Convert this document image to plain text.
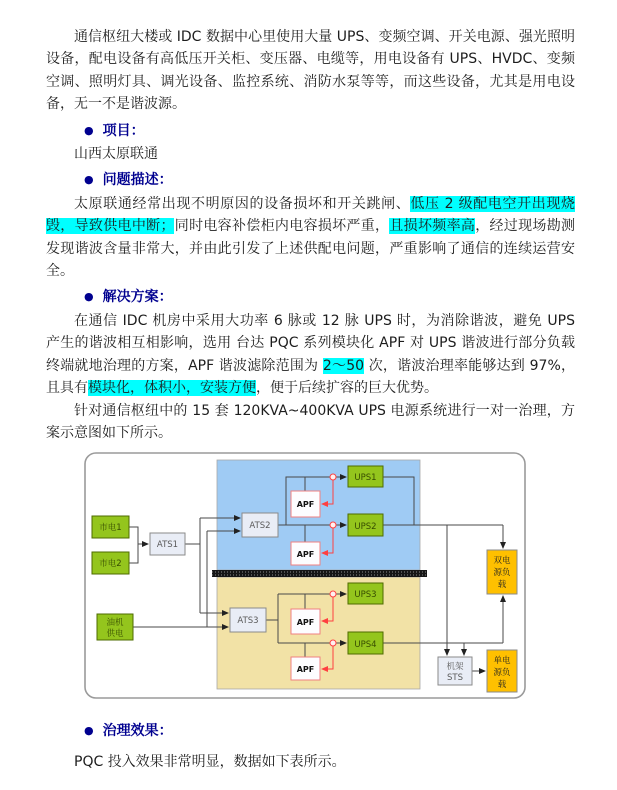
通信枢纽大楼或 IDC 数据中心里使用大量 UPS、变频空调、开关电源、强光照明设备，配电设备有高低压开关柜、变压器、电缆等，用电设备有 UPS、HVDC、变频空调、照明灯具、调光设备、监控系统、消防水泵等等，而这些设备，尤其是用电设备，无一不是谐波源。

● 项目：

山西太原联通

● 问题描述：

太原联通经常出现不明原因的设备损坏和开关跳闸、低压 2 级配电空开出现烧毁，导致供电中断；同时电容补偿柜内电容损坏严重，且损坏频率高，经过现场勘测发现谐波含量非常大，并由此引发了上述供配电问题，严重影响了通信的连续运营安全。

● 解决方案：

在通信 IDC 机房中采用大功率 6 脉或 12 脉 UPS 时，为消除谐波，避免 UPS 产生的谐波相互相影响，选用 台达 PQC 系列模块化 APF 对 UPS 谐波进行部分负载终端就地治理的方案，APF 谐波滤除范围为 2～50 次，谐波治理率能够达到 97%，且具有模块化，体积小，安装方便，便于后续扩容的巨大优势。

针对通信枢纽中的 15 套 120KVA~400KVA UPS 电源系统进行一对一治理，方案示意图如下所示。

市电1
市电2
油机
供电
ATS1
ATS2
ATS3
APF
APF
APF
APF
UPS1
UPS2
UPS3
UPS4
机架
STS
双电
源负
载
单电
源负
载
● 治理效果：

PQC 投入效果非常明显，数据如下表所示。
